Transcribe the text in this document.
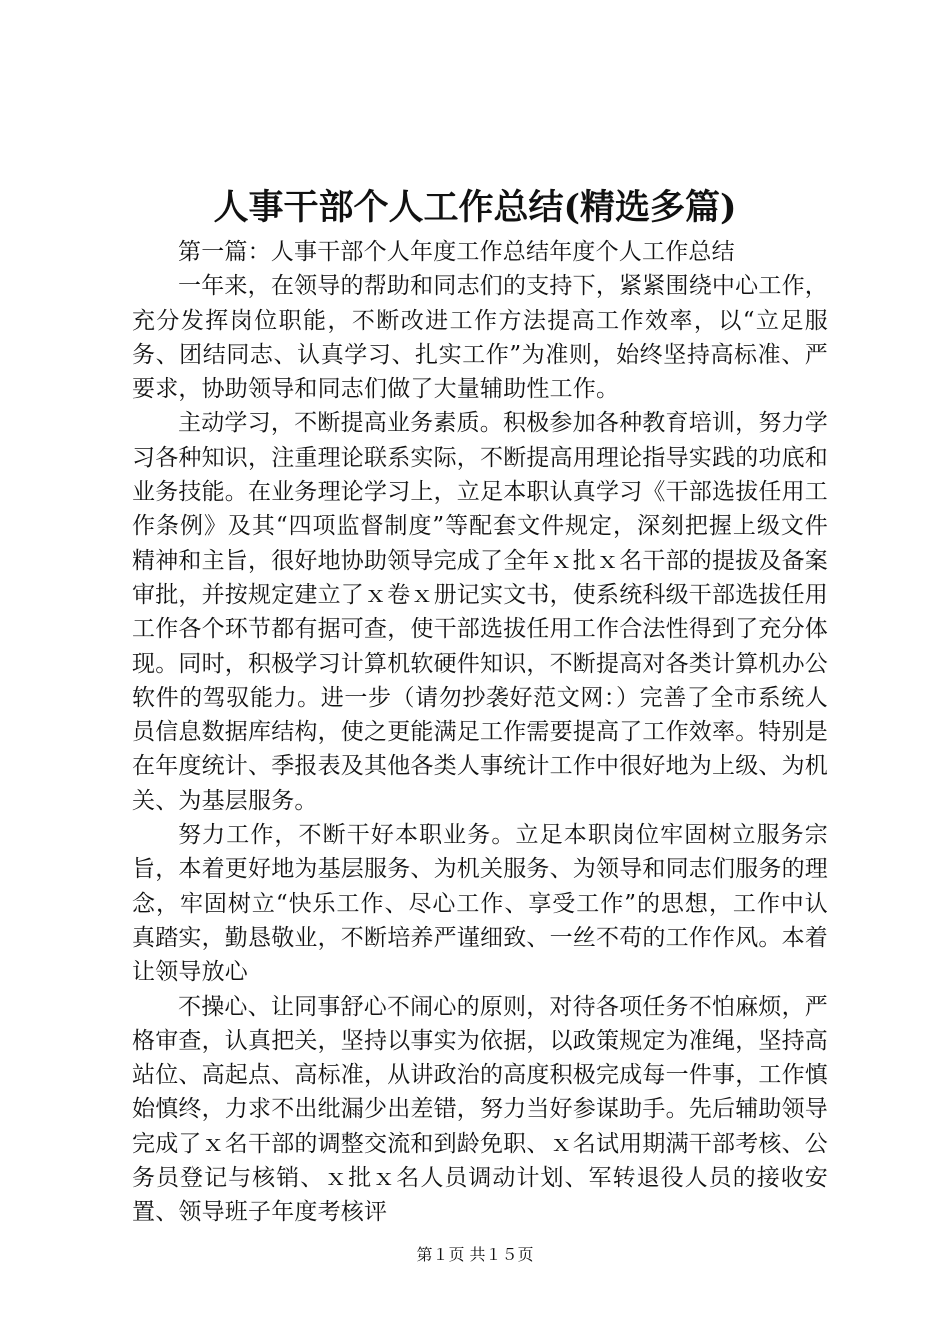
人事干部个人工作总结(精选多篇)

第一篇：人事干部个人年度工作总结年度个人工作总结

一年来，在领导的帮助和同志们的支持下，紧紧围绕中心工作，充分发挥岗位职能，不断改进工作方法提高工作效率，以“立足服务、团结同志、认真学习、扎实工作”为准则，始终坚持高标准、严要求，协助领导和同志们做了大量辅助性工作。

主动学习，不断提高业务素质。积极参加各种教育培训，努力学习各种知识，注重理论联系实际，不断提高用理论指导实践的功底和业务技能。在业务理论学习上，立足本职认真学习《干部选拔任用工作条例》及其“四项监督制度”等配套文件规定，深刻把握上级文件精神和主旨，很好地协助领导完成了全年ｘ批ｘ名干部的提拔及备案审批，并按规定建立了ｘ卷ｘ册记实文书，使系统科级干部选拔任用工作各个环节都有据可查，使干部选拔任用工作合法性得到了充分体现。同时，积极学习计算机软硬件知识，不断提高对各类计算机办公软件的驾驭能力。进一步（请勿抄袭好范文网：）完善了全市系统人员信息数据库结构，使之更能满足工作需要提高了工作效率。特别是在年度统计、季报表及其他各类人事统计工作中很好地为上级、为机关、为基层服务。

努力工作，不断干好本职业务。立足本职岗位牢固树立服务宗旨，本着更好地为基层服务、为机关服务、为领导和同志们服务的理念，牢固树立“快乐工作、尽心工作、享受工作”的思想，工作中认真踏实，勤恳敬业，不断培养严谨细致、一丝不苟的工作作风。本着让领导放心

不操心、让同事舒心不闹心的原则，对待各项任务不怕麻烦，严格审查，认真把关，坚持以事实为依据，以政策规定为准绳，坚持高站位、高起点、高标准，从讲政治的高度积极完成每一件事，工作慎始慎终，力求不出纰漏少出差错，努力当好参谋助手。先后辅助领导完成了ｘ名干部的调整交流和到龄免职、ｘ名试用期满干部考核、公务员登记与核销、ｘ批ｘ名人员调动计划、军转退役人员的接收安置、领导班子年度考核评

第１页 共１５页
